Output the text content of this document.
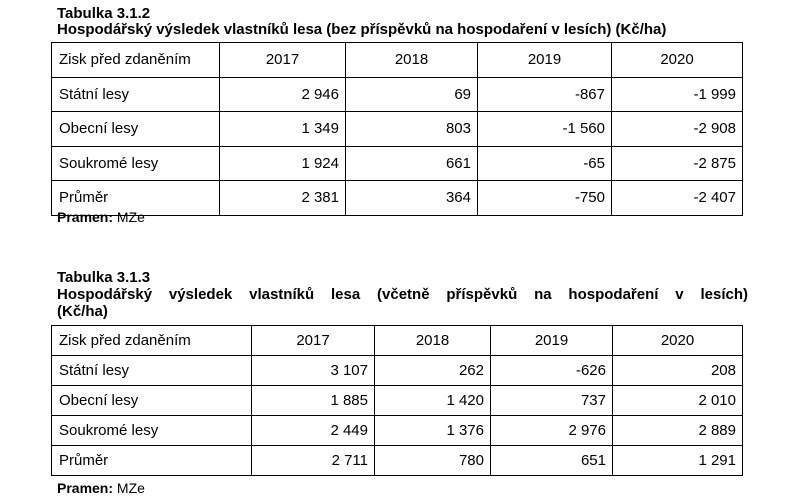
Tabulka 3.1.2
Hospodářský výsledek vlastníků lesa (bez příspěvků na hospodaření v lesích) (Kč/ha)
Zisk před zdaněním	2017	2018	2019	2020
Státní lesy	2 946	69	-867	-1 999
Obecní lesy	1 349	803	-1 560	-2 908
Soukromé lesy	1 924	661	-65	-2 875
Průměr	2 381	364	-750	-2 407
Pramen: MZe
Tabulka 3.1.3
Hospodářský výsledek vlastníků lesa (včetně příspěvků na hospodaření v lesích)
(Kč/ha)
Zisk před zdaněním	2017	2018	2019	2020
Státní lesy	3 107	262	-626	208
Obecní lesy	1 885	1 420	737	2 010
Soukromé lesy	2 449	1 376	2 976	2 889
Průměr	2 711	780	651	1 291
Pramen: MZe
